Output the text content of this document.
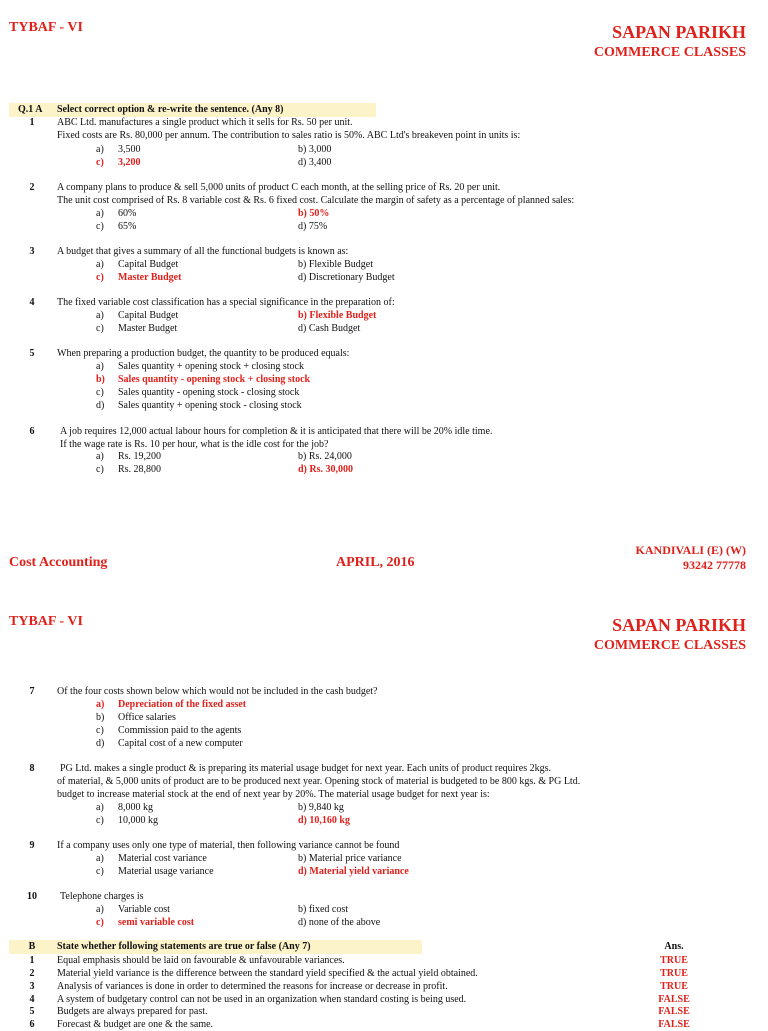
TYBAF - VI	SAPAN PARIKH
COMMERCE CLASSES
Q.1 A Select correct option & re-write the sentence. (Any 8)
1	ABC Ltd. manufactures a single product which it sells for Rs. 50 per unit.
Fixed costs are Rs. 80,000 per annum. The contribution to sales ratio is 50%. ABC Ltd's breakeven point in units is:
a) 3,500	b) 3,000
c) 3,200	d) 3,400
2	A company plans to produce & sell 5,000 units of product C each month, at the selling price of Rs. 20 per unit.
The unit cost comprised of Rs. 8 variable cost & Rs. 6 fixed cost. Calculate the margin of safety as a percentage of planned sales:
a) 60%	b) 50%
c) 65%	d) 75%
3	A budget that gives a summary of all the functional budgets is known as:
a) Capital Budget	b) Flexible Budget
c) Master Budget	d) Discretionary Budget
4	The fixed variable cost classification has a special significance in the preparation of:
a) Capital Budget	b) Flexible Budget
c) Master Budget	d) Cash Budget
5	When preparing a production budget, the quantity to be produced equals:
a) Sales quantity + opening stock + closing stock
b) Sales quantity - opening stock + closing stock
c) Sales quantity - opening stock - closing stock
d) Sales quantity + opening stock - closing stock
6	A job requires 12,000 actual labour hours for completion & it is anticipated that there will be 20% idle time.
If the wage rate is Rs. 10 per hour, what is the idle cost for the job?
a) Rs. 19,200	b) Rs. 24,000
c) Rs. 28,800	d) Rs. 30,000
Cost Accounting	APRIL, 2016
KANDIVALI (E) (W)
93242 77778
TYBAF - VI	SAPAN PARIKH
COMMERCE CLASSES
7	Of the four costs shown below which would not be included in the cash budget?
a) Depreciation of the fixed asset
b) Office salaries
c) Commission paid to the agents
d) Capital cost of a new computer
8	PG Ltd. makes a single product & is preparing its material usage budget for next year. Each units of product requires 2kgs.
of material, & 5,000 units of product are to be produced next year. Opening stock of material is budgeted to be 800 kgs. & PG Ltd.
budget to increase material stock at the end of next year by 20%. The material usage budget for next year is:
a) 8,000 kg	b) 9,840 kg
c) 10,000 kg	d) 10,160 kg
9	If a company uses only one type of material, then following variance cannot be found
a) Material cost variance	b) Material price variance
c) Material usage variance	d) Material yield variance
10	Telephone charges is
a) Variable cost	b) fixed cost
c) semi variable cost	d) none of the above
B	State whether following statements are true or false (Any 7)	Ans.
1	Equal emphasis should be laid on favourable & unfavourable variances.	TRUE
2	Material yield variance is the difference between the standard yield specified & the actual yield obtained.	TRUE
3	Analysis of variances is done in order to determined the reasons for increase or decrease in profit.	TRUE
4	A system of budgetary control can not be used in an organization when standard costing is being used.	FALSE
5	Budgets are always prepared for past.	FALSE
6	Forecast & budget are one & the same.	FALSE
